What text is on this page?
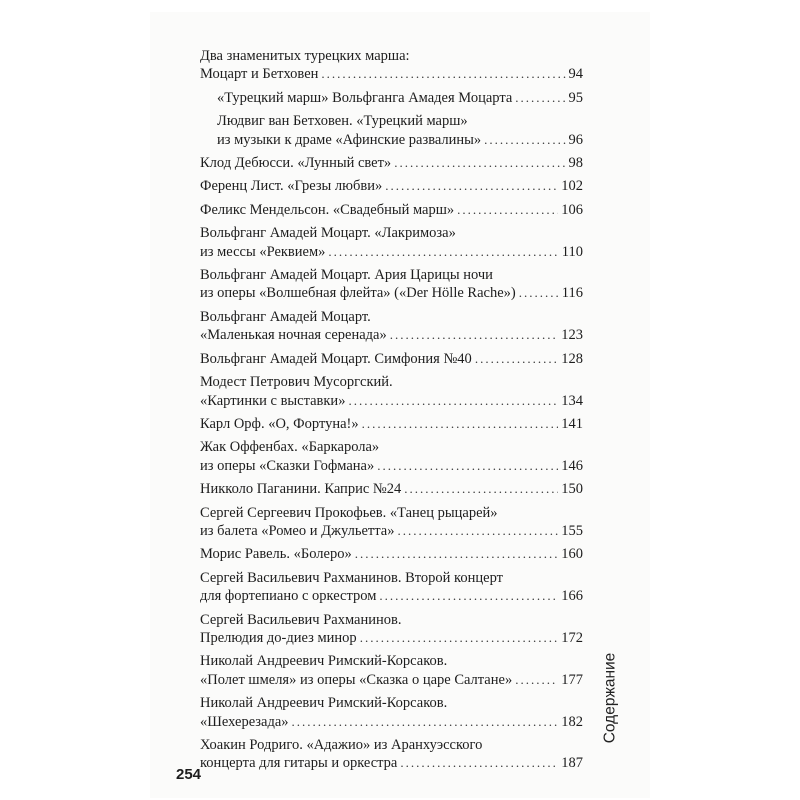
Два знаменитых турецких марша:
Моцарт и Бетховен .....	94
«Турецкий марш» Вольфганга Амадея Моцарта .....	95
Людвиг ван Бетховен. «Турецкий марш»
из музыки к драме «Афинские развалины» .....	96
Клод Дебюсси. «Лунный свет» .....	98
Ференц Лист. «Грезы любви» .....	102
Феликс Мендельсон. «Свадебный марш» .....	106
Вольфганг Амадей Моцарт. «Лакримоза»
из мессы «Реквием» .....	110
Вольфганг Амадей Моцарт. Ария Царицы ночи
из оперы «Волшебная флейта» («Der Hölle Rache») .....	116
Вольфганг Амадей Моцарт.
«Маленькая ночная серенада» .....	123
Вольфганг Амадей Моцарт. Симфония №40 .....	128
Модест Петрович Мусоргский.
«Картинки с выставки» .....	134
Карл Орф. «О, Фортуна!» .....	141
Жак Оффенбах. «Баркарола»
из оперы «Сказки Гофмана» .....	146
Никколо Паганини. Каприс №24 .....	150
Сергей Сергеевич Прокофьев. «Танец рыцарей»
из балета «Ромео и Джульетта» .....	155
Морис Равель. «Болеро» .....	160
Сергей Васильевич Рахманинов. Второй концерт
для фортепиано с оркестром .....	166
Сергей Васильевич Рахманинов.
Прелюдия до-диез минор .....	172
Николай Андреевич Римский-Корсаков.
«Полет шмеля» из оперы «Сказка о царе Салтане» .....	177
Николай Андреевич Римский-Корсаков.
«Шехерезада» .....	182
Хоакин Родриго. «Адажио» из Аранхуэсского
концерта для гитары и оркестра .....	187
254
Содержание
